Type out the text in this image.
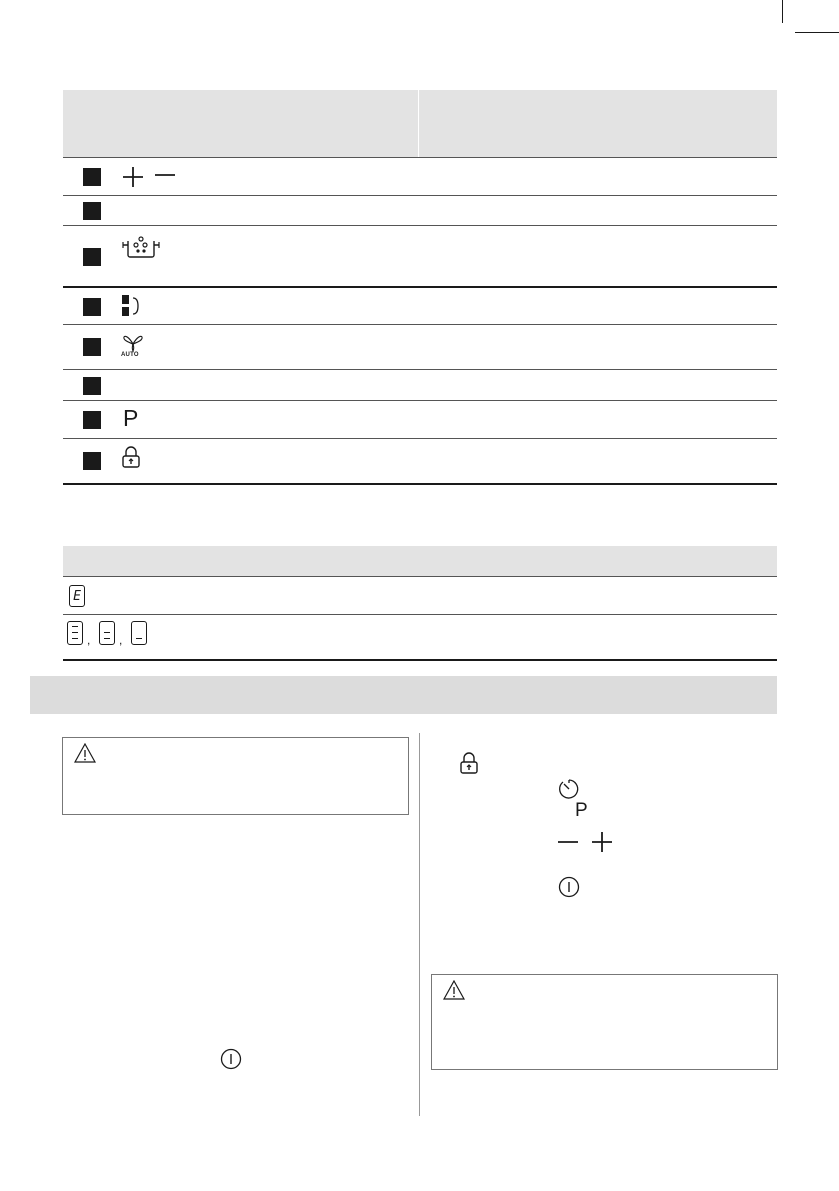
AUTO
P
E
, ,
P
